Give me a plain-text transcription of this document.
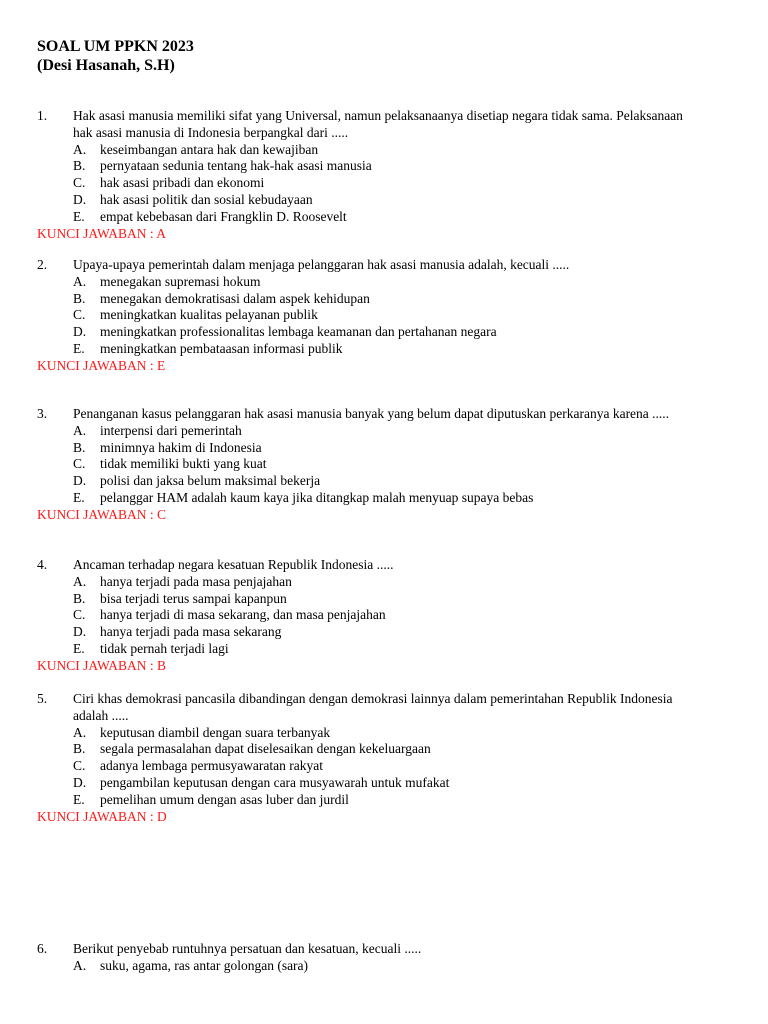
SOAL UM PPKN 2023
(Desi Hasanah, S.H)
1. Hak asasi manusia memiliki sifat yang Universal, namun pelaksanaanya disetiap negara tidak sama. Pelaksanaan hak asasi manusia di Indonesia berpangkal dari .....
A. keseimbangan antara hak dan kewajiban
B. pernyataan sedunia tentang hak-hak asasi manusia
C. hak asasi pribadi dan ekonomi
D. hak asasi politik dan sosial kebudayaan
E. empat kebebasan dari Frangklin D. Roosevelt
KUNCI JAWABAN : A
2. Upaya-upaya pemerintah dalam menjaga pelanggaran hak asasi manusia adalah, kecuali .....
A. menegakan supremasi hokum
B. menegakan demokratisasi dalam aspek kehidupan
C. meningkatkan kualitas pelayanan publik
D. meningkatkan professionalitas lembaga keamanan dan pertahanan negara
E. meningkatkan pembataasan informasi publik
KUNCI JAWABAN : E
3. Penanganan kasus pelanggaran hak asasi manusia banyak yang belum dapat diputuskan perkaranya karena .....
A. interpensi dari pemerintah
B. minimnya hakim di Indonesia
C. tidak memiliki bukti yang kuat
D. polisi dan jaksa belum maksimal bekerja
E. pelanggar HAM adalah kaum kaya jika ditangkap malah menyuap supaya bebas
KUNCI JAWABAN : C
4. Ancaman terhadap negara kesatuan Republik Indonesia .....
A. hanya terjadi pada masa penjajahan
B. bisa terjadi terus sampai kapanpun
C. hanya terjadi di masa sekarang, dan masa penjajahan
D. hanya terjadi pada masa sekarang
E. tidak pernah terjadi lagi
KUNCI JAWABAN : B
5. Ciri khas demokrasi pancasila dibandingan dengan demokrasi lainnya dalam pemerintahan Republik Indonesia adalah .....
A. keputusan diambil dengan suara terbanyak
B. segala permasalahan dapat diselesaikan dengan kekeluargaan
C. adanya lembaga permusyawaratan rakyat
D. pengambilan keputusan dengan cara musyawarah untuk mufakat
E. pemelihan umum dengan asas luber dan jurdil
KUNCI JAWABAN : D
6. Berikut penyebab runtuhnya persatuan dan kesatuan, kecuali .....
A. suku, agama, ras antar golongan (sara)
